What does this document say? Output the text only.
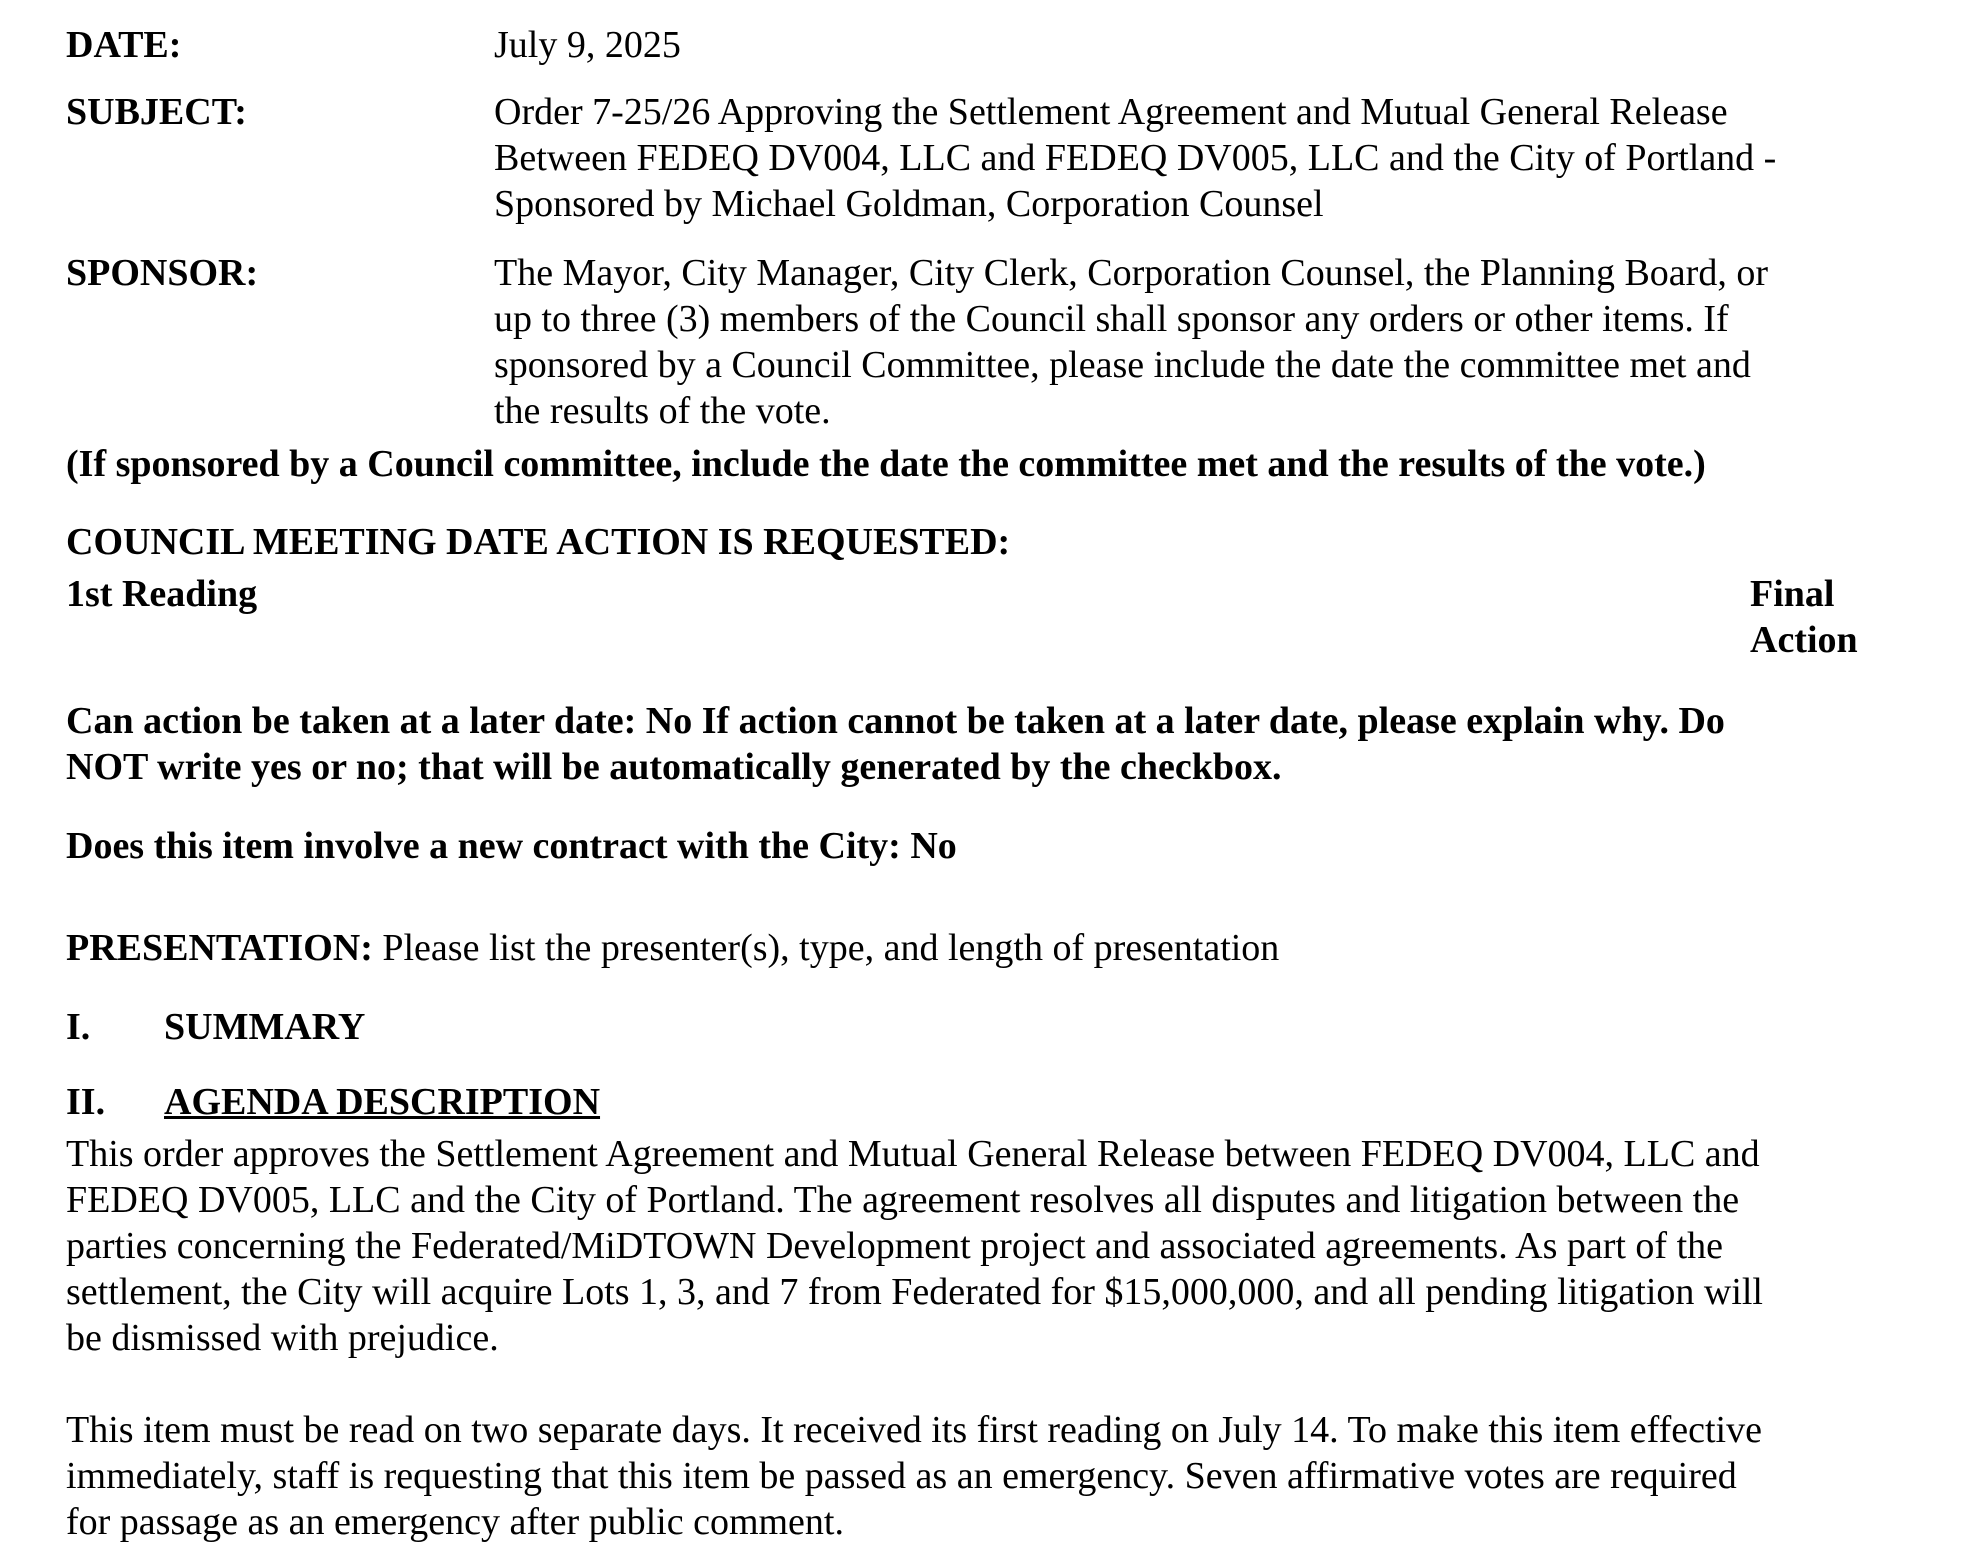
DATE:	July 9, 2025
SUBJECT:	Order 7-25/26 Approving the Settlement Agreement and Mutual General Release
Between FEDEQ DV004, LLC and FEDEQ DV005, LLC and the City of Portland -
Sponsored by Michael Goldman, Corporation Counsel
SPONSOR:	The Mayor, City Manager, City Clerk, Corporation Counsel, the Planning Board, or
up to three (3) members of the Council shall sponsor any orders or other items. If
sponsored by a Council Committee, please include the date the committee met and
the results of the vote.
(If sponsored by a Council committee, include the date the committee met and the results of the vote.)
COUNCIL MEETING DATE ACTION IS REQUESTED:
1st Reading	Final
Action
Can action be taken at a later date: No If action cannot be taken at a later date, please explain why. Do
NOT write yes or no; that will be automatically generated by the checkbox.
Does this item involve a new contract with the City: No
PRESENTATION: Please list the presenter(s), type, and length of presentation
I. SUMMARY
II. AGENDA DESCRIPTION
This order approves the Settlement Agreement and Mutual General Release between FEDEQ DV004, LLC and
FEDEQ DV005, LLC and the City of Portland. The agreement resolves all disputes and litigation between the
parties concerning the Federated/MiDTOWN Development project and associated agreements. As part of the
settlement, the City will acquire Lots 1, 3, and 7 from Federated for $15,000,000, and all pending litigation will
be dismissed with prejudice.
This item must be read on two separate days. It received its first reading on July 14. To make this item effective
immediately, staff is requesting that this item be passed as an emergency. Seven affirmative votes are required
for passage as an emergency after public comment.
